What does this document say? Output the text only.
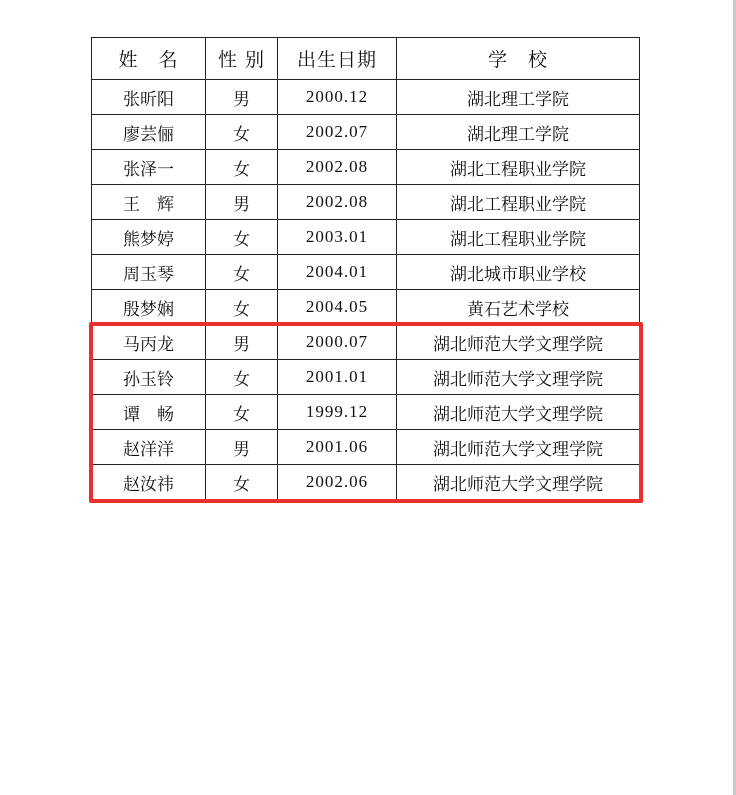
姓　名	性 别	出生日期	学　校
张昕阳	男	2000.12	湖北理工学院
廖芸俪	女	2002.07	湖北理工学院
张泽一	女	2002.08	湖北工程职业学院
王　辉	男	2002.08	湖北工程职业学院
熊梦婷	女	2003.01	湖北工程职业学院
周玉琴	女	2004.01	湖北城市职业学校
殷梦娴	女	2004.05	黄石艺术学校
马丙龙	男	2000.07	湖北师范大学文理学院
孙玉铃	女	2001.01	湖北师范大学文理学院
谭　畅	女	1999.12	湖北师范大学文理学院
赵洋洋	男	2001.06	湖北师范大学文理学院
赵汝祎	女	2002.06	湖北师范大学文理学院
